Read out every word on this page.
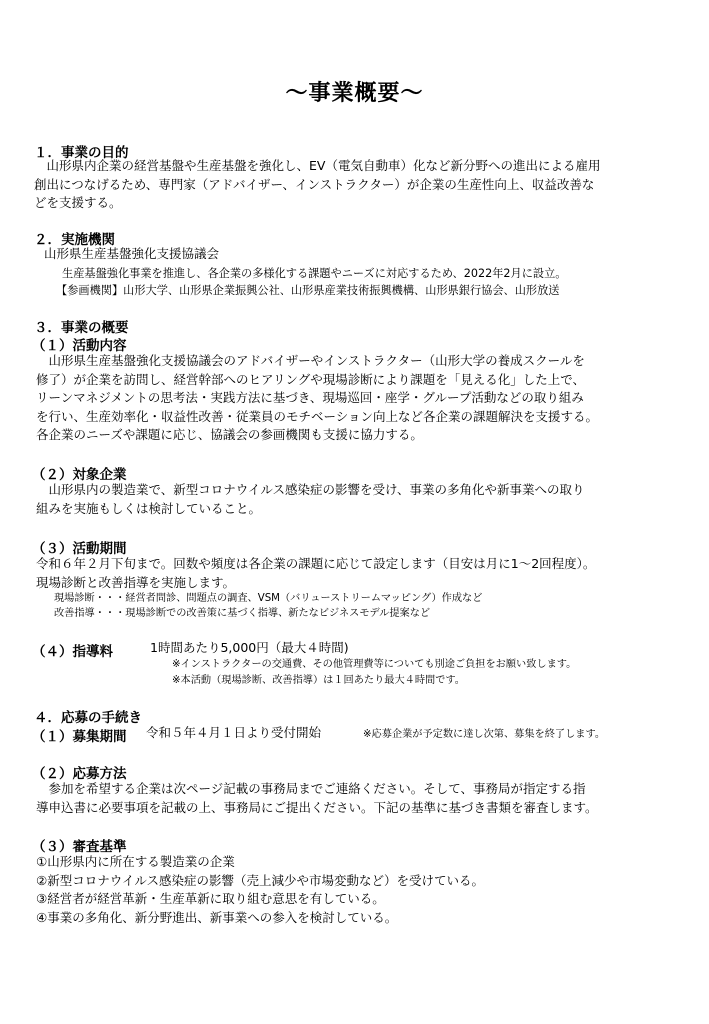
～事業概要～
１．事業の目的
　山形県内企業の経営基盤や生産基盤を強化し、EV（電気自動車）化など新分野への進出による雇用
創出につなげるため、専門家（アドバイザー、インストラクター）が企業の生産性向上、収益改善な
どを支援する。
２．実施機関
山形県生産基盤強化支援協議会
生産基盤強化事業を推進し、各企業の多様化する課題やニーズに対応するため、2022年2月に設立。
【参画機関】山形大学、山形県企業振興公社、山形県産業技術振興機構、山形県銀行協会、山形放送
３．事業の概要
（１）活動内容
　山形県生産基盤強化支援協議会のアドバイザーやインストラクター（山形大学の養成スクールを
修了）が企業を訪問し、経営幹部へのヒアリングや現場診断により課題を「見える化」した上で、
リーンマネジメントの思考法・実践方法に基づき、現場巡回・座学・グループ活動などの取り組み
を行い、生産効率化・収益性改善・従業員のモチベーション向上など各企業の課題解決を支援する。
各企業のニーズや課題に応じ、協議会の参画機関も支援に協力する。
（２）対象企業
　山形県内の製造業で、新型コロナウイルス感染症の影響を受け、事業の多角化や新事業への取り
組みを実施もしくは検討していること。
（３）活動期間
令和６年２月下旬まで。回数や頻度は各企業の課題に応じて設定します（目安は月に1～2回程度）。
現場診断と改善指導を実施します。
現場診断・・・経営者問診、問題点の調査、VSM（バリューストリームマッピング）作成など
改善指導・・・現場診断での改善策に基づく指導、新たなビジネスモデル提案など
（４）指導料	1時間あたり5,000円（最大４時間)
※インストラクターの交通費、その他管理費等についても別途ご負担をお願い致します。
※本活動（現場診断、改善指導）は１回あたり最大４時間です。
４．応募の手続き
（１）募集期間 令和５年４月１日より受付開始	※応募企業が予定数に達し次第、募集を終了します。
（２）応募方法
　参加を希望する企業は次ページ記載の事務局までご連絡ください。そして、事務局が指定する指
導申込書に必要事項を記載の上、事務局にご提出ください。下記の基準に基づき書類を審査します。
（３）審査基準
①山形県内に所在する製造業の企業
②新型コロナウイルス感染症の影響（売上減少や市場変動など）を受けている。
③経営者が経営革新・生産革新に取り組む意思を有している。
④事業の多角化、新分野進出、新事業への参入を検討している。
